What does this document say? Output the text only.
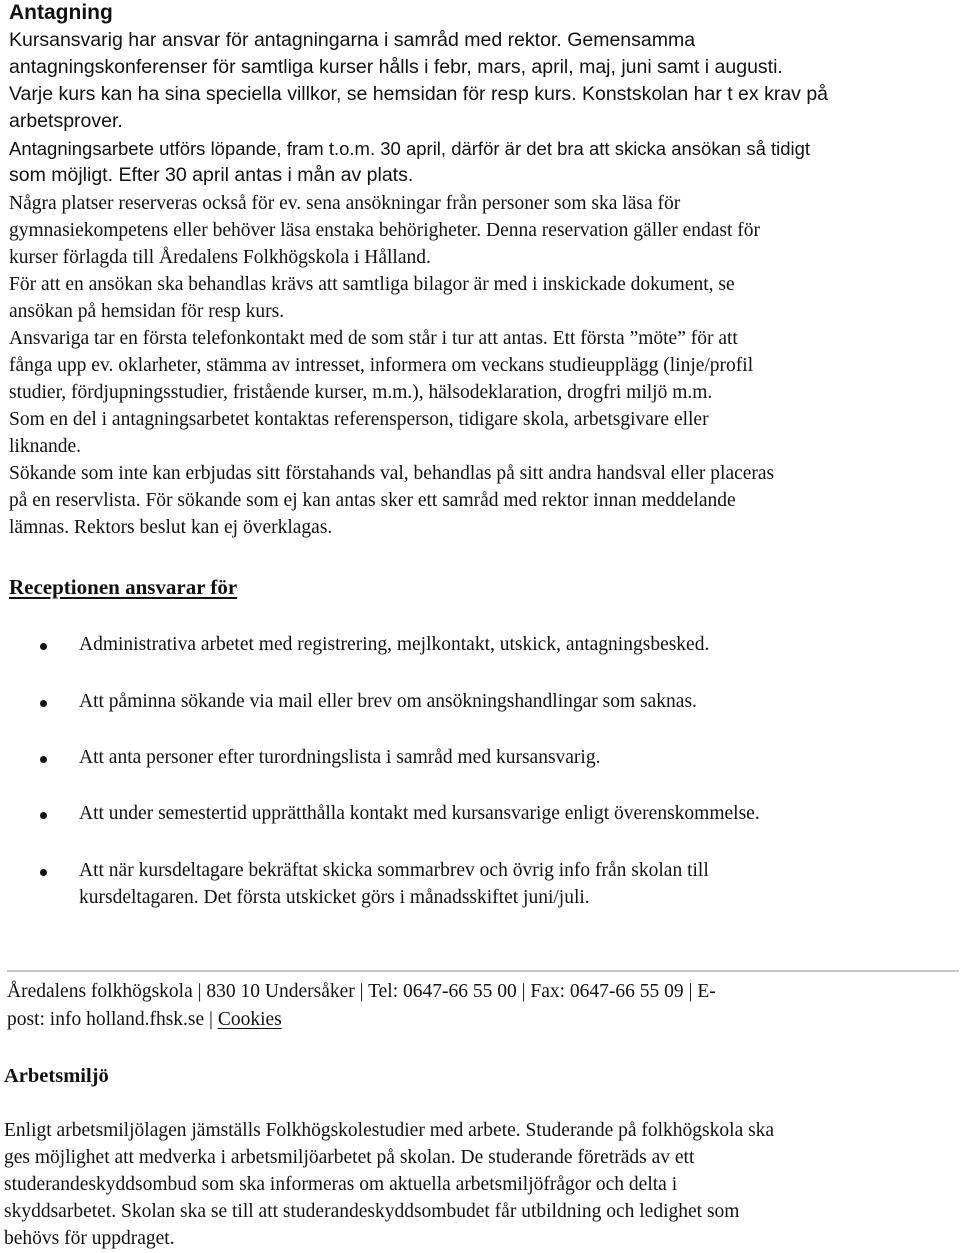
Antagning
Kursansvarig har ansvar för antagningarna i samråd med rektor. Gemensamma
antagningskonferenser för samtliga kurser hålls i febr, mars, april, maj, juni samt i augusti.
Varje kurs kan ha sina speciella villkor, se hemsidan för resp kurs. Konstskolan har t ex krav på
arbetsprover.
Antagningsarbete utförs löpande, fram t.o.m. 30 april, därför är det bra att skicka ansökan så tidigt
som möjligt. Efter 30 april antas i mån av plats.
Några platser reserveras också för ev. sena ansökningar från personer som ska läsa för
gymnasiekompetens eller behöver läsa enstaka behörigheter. Denna reservation gäller endast för
kurser förlagda till Åredalens Folkhögskola i Hålland.
För att en ansökan ska behandlas krävs att samtliga bilagor är med i inskickade dokument, se
ansökan på hemsidan för resp kurs.
Ansvariga tar en första telefonkontakt med de som står i tur att antas. Ett första ”möte” för att
fånga upp ev. oklarheter, stämma av intresset, informera om veckans studieupplägg (linje/profil
studier, fördjupningsstudier, fristående kurser, m.m.), hälsodeklaration, drogfri miljö m.m.
Som en del i antagningsarbetet kontaktas referensperson, tidigare skola, arbetsgivare eller
liknande.
Sökande som inte kan erbjudas sitt förstahands val, behandlas på sitt andra handsval eller placeras
på en reservlista. För sökande som ej kan antas sker ett samråd med rektor innan meddelande
lämnas. Rektors beslut kan ej överklagas.
Receptionen ansvarar för
Administrativa arbetet med registrering, mejlkontakt, utskick, antagningsbesked.
Att påminna sökande via mail eller brev om ansökningshandlingar som saknas.
Att anta personer efter turordningslista i samråd med kursansvarig.
Att under semestertid upprätthålla kontakt med kursansvarige enligt överenskommelse.
Att när kursdeltagare bekräftat skicka sommarbrev och övrig info från skolan till
kursdeltagaren. Det första utskicket görs i månadsskiftet juni/juli.
Åredalens folkhögskola | 830 10 Undersåker | Tel: 0647-66 55 00 | Fax: 0647-66 55 09 | E-
post: info holland.fhsk.se | Cookies
Arbetsmiljö
Enligt arbetsmiljölagen jämställs Folkhögskolestudier med arbete. Studerande på folkhögskola ska
ges möjlighet att medverka i arbetsmiljöarbetet på skolan. De studerande företräds av ett
studerandeskyddsombud som ska informeras om aktuella arbetsmiljöfrågor och delta i
skyddsarbetet. Skolan ska se till att studerandeskyddsombudet får utbildning och ledighet som
behövs för uppdraget.
